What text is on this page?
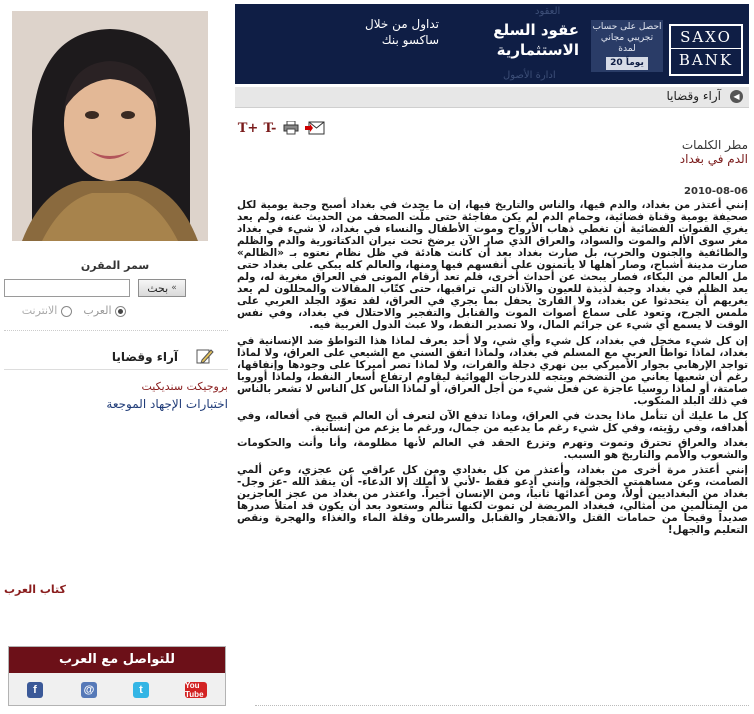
العقود
ادارة الأصول
SAXO
BANK
احصل على حساب تجريبي مجاني لمدة
20 يوماً
عقود السلع
الاستثمارية
تداول من خلال
ساكسو بنك
آراء وقضايا	◀
T+ T-
مطر الكلمات
الدم في بغداد
2010-08-06

إنني أعتذر من بغداد، والدم فيها، والناس والتاريخ فيها، إن ما يحدث في بغداد أصبح وجبة يومية لكل صحيفة يومية وقناة فضائية، وحمام الدم لم يكن مفاجئة حتى ملّت الصحف من الحديث عنه، ولم يعد يغري القنوات الفضائية أن تغطي ذهاب الأرواح وموت الأطفال والنساء في بغداد، لا شيء في بغداد مغر سوى الألم والموت والسواد، والعراق الذي صار الآن يرضخ تحت نيران الدكتاتورية والدم والظلم والطائفية والجنون والحرب، بل صارت بغداد بعد أن كانت هادئة في ظل نظام نعتوه بـ «الظالم» صارت مدينة أشباح، وصار أهلها لا يأتمنون على أنفسهم فيها ومنها، والعالم كله يبكي على بغداد حتى مل العالم من البكاء، فصار يبحث عن أحداث أخرى، فلم تعد أرقام الموتى في العراق مغرية له، ولم يعد الظلم في بغداد وجبة لذيذة للعيون والآذان التي تراقبها، حتى كتّاب المقالات والمحللون لم يعد يغريهم أن يتحدثوا عن بغداد، ولا القارئ يحفل بما يجري في العراق، لقد تعوّد الجلد العربي على ملمس الجرح، وتعود على سماع أصوات الموت والقنابل والتفجير والاحتلال في بغداد، وفي نفس الوقت لا يسمع أي شيء عن جرائم المال، ولا تصدير النفط، ولا عبث الدول الغربية فيه.

إن كل شيء مخجل في بغداد، كل شيء وأي شي، ولا أحد يعرف لماذا هذا التواطؤ ضد الإنسانية في بغداد، لماذا تواطأ العربي مع المسلم في بغداد، ولماذا اتفق السني مع الشيعي على العراق، ولا لماذا تواجد الإرهابي بجوار الأميركي بين نهري دجلة والفرات، ولا لماذا تصر أميركا على وجودها وإنفاقها، رغم أن شعبها يعاني من التضخم ويتجه للدرجات الهوائية ليقاوم ارتفاع أسعار النفط، ولماذا أوروبا صامتة، أو لماذا روسيا عاجزة عن فعل شيء من أجل العراق، أو لماذا الناس كل الناس لا تشعر بالناس في ذلك البلد المنكوب.

كل ما عليك أن تتأمل ماذا يحدث في العراق، وماذا تدفع الآن لتعرف أن العالم قبيح في أفعاله، وفي أهدافه، وفي رؤيته، وفي كل شيء رغم ما يدعيه من جمال، ورغم ما يزعم من إنسانية.

بغداد والعراق تحترق وتموت وتهرم وتزرع الحقد في العالم لأنها مظلومة، وأنا وأنت والحكومات والشعوب والأمم والتاريخ هو السبب.

إنني أعتذر مرة أخرى من بغداد، وأعتذر من كل بغدادي ومن كل عراقي عن عجزي، وعن ألمي الصامت، وعن مساهمتي الخجولة، وإنني أدعو فقط -لأني لا أملك إلا الدعاء- أن ينقذ الله -عز وجل- بغداد من البغداديين أولاً، ومن أعدائها ثانياً، ومن الإنسان أخيراً. واعتذر من بغداد من عجز العاجزين من المتألمين من أمثالي، فبغداد المريضة لن تموت لكنها تتألم وستعود بعد أن يكون قد امتلأ صدرها صديداً وقيحاً من حمامات القتل والانفجار والقنابل والسرطان وقلة الماء والغذاء والهجرة ونقص التعليم والجهل!

سمر المقرن
بحث «
العرب  الانترنت
آراء وقضايا
بروجيكت سنديكيت
اختبارات الإجهاد الموجعة
كتاب العرب
للتواصل مع العرب
f	@	t	You Tube
